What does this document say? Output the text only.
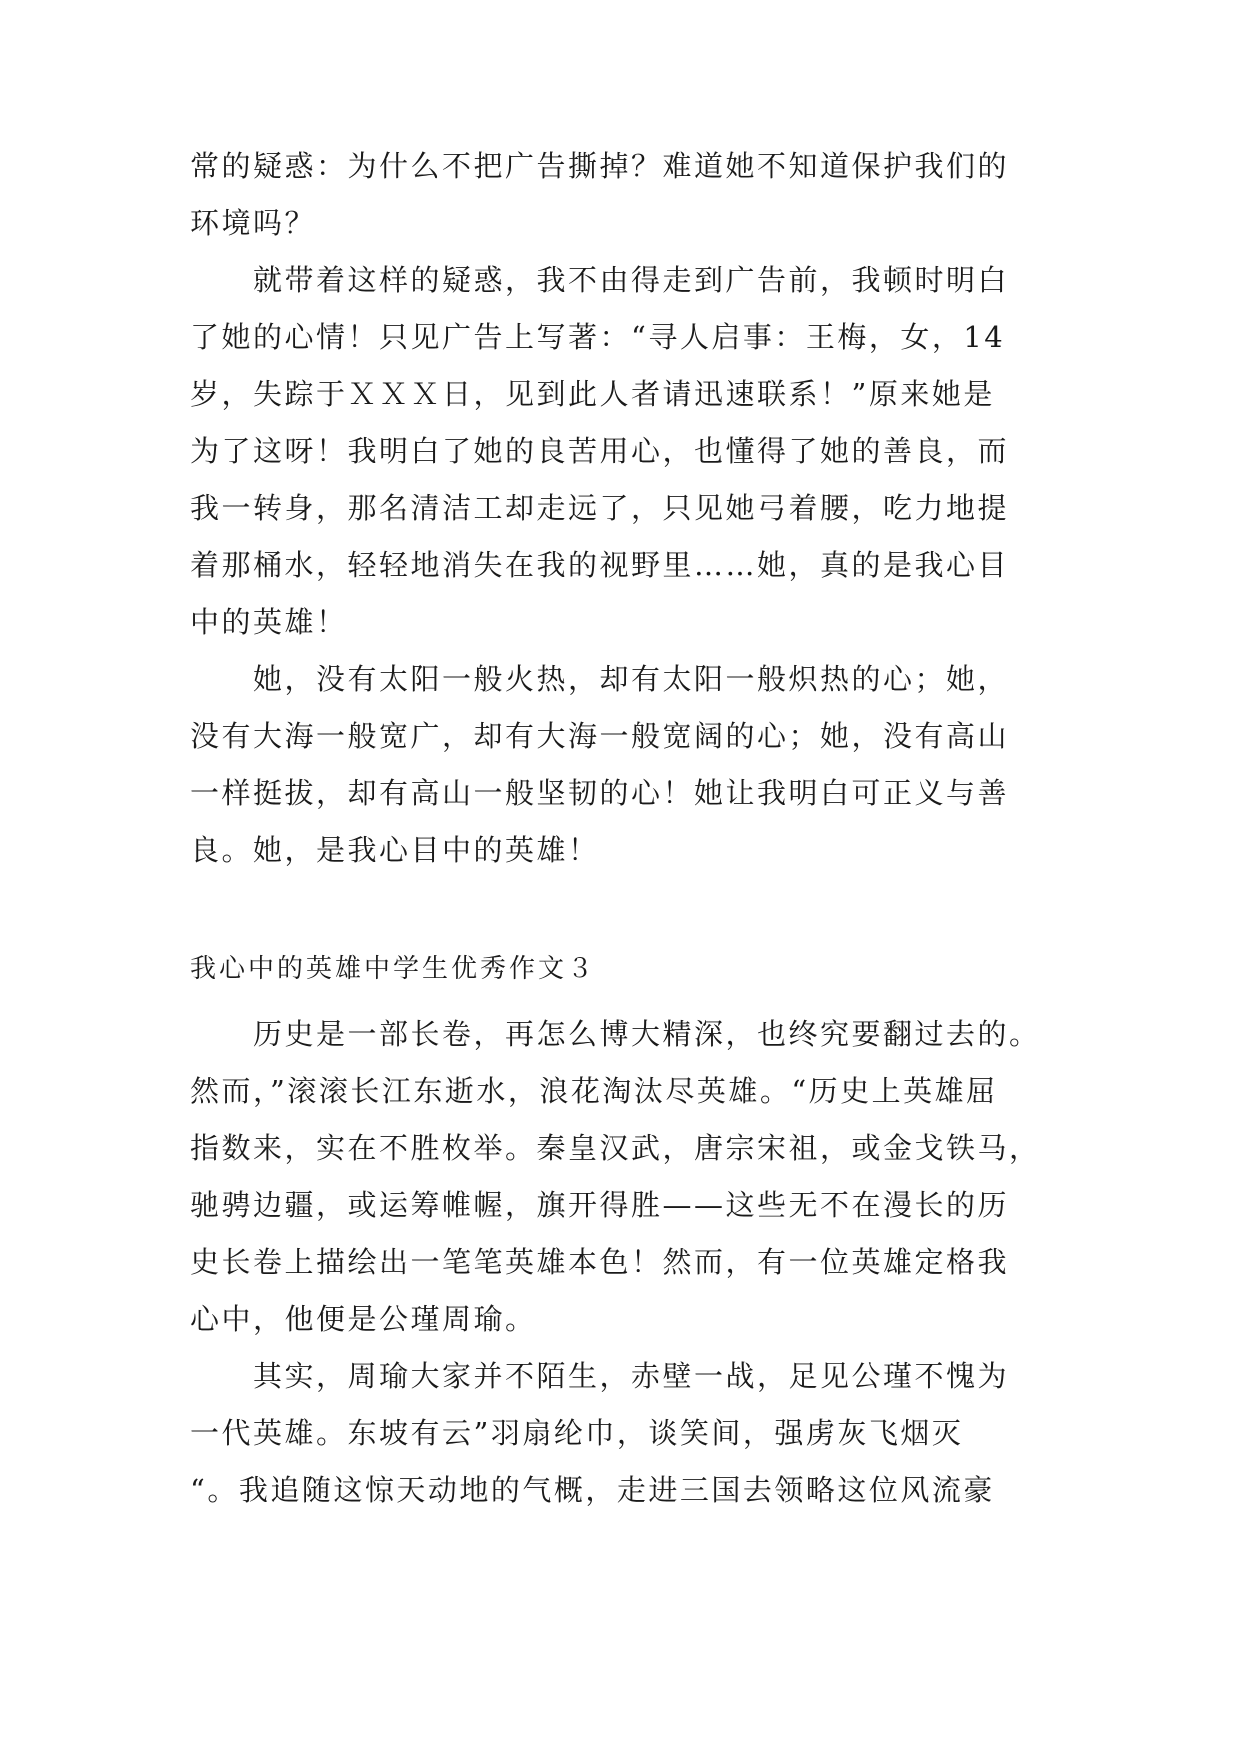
常的疑惑：为什么不把广告撕掉？难道她不知道保护我们的
环境吗？
　　就带着这样的疑惑，我不由得走到广告前，我顿时明白
了她的心情！只见广告上写著：“寻人启事：王梅，女，14
岁，失踪于ＸＸＸ日，见到此人者请迅速联系！”原来她是
为了这呀！我明白了她的良苦用心，也懂得了她的善良，而
我一转身，那名清洁工却走远了，只见她弓着腰，吃力地提
着那桶水，轻轻地消失在我的视野里……她，真的是我心目
中的英雄！
　　她，没有太阳一般火热，却有太阳一般炽热的心；她，
没有大海一般宽广，却有大海一般宽阔的心；她，没有高山
一样挺拔，却有高山一般坚韧的心！她让我明白可正义与善
良。她，是我心目中的英雄！
我心中的英雄中学生优秀作文３
　　历史是一部长卷，再怎么博大精深，也终究要翻过去的。
然而，”滚滚长江东逝水，浪花淘汰尽英雄。“历史上英雄屈
指数来，实在不胜枚举。秦皇汉武，唐宗宋祖，或金戈铁马，
驰骋边疆，或运筹帷幄，旗开得胜——这些无不在漫长的历
史长卷上描绘出一笔笔英雄本色！然而，有一位英雄定格我
心中，他便是公瑾周瑜。
　　其实，周瑜大家并不陌生，赤壁一战，足见公瑾不愧为
一代英雄。东坡有云”羽扇纶巾，谈笑间，强虏灰飞烟灭
“。我追随这惊天动地的气概，走进三国去领略这位风流豪
